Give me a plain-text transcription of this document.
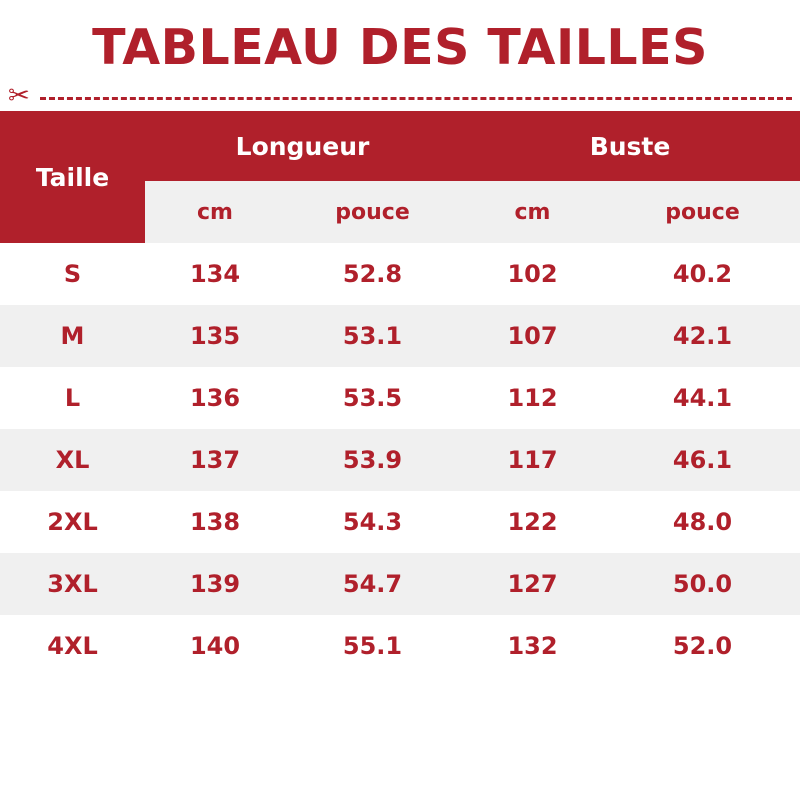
TABLEAU DES TAILLES
✂
Taille	Longueur		Buste	
	cm	pouce	cm	pouce
S	134	52.8	102	40.2
M	135	53.1	107	42.1
L	136	53.5	112	44.1
XL	137	53.9	117	46.1
2XL	138	54.3	122	48.0
3XL	139	54.7	127	50.0
4XL	140	55.1	132	52.0
